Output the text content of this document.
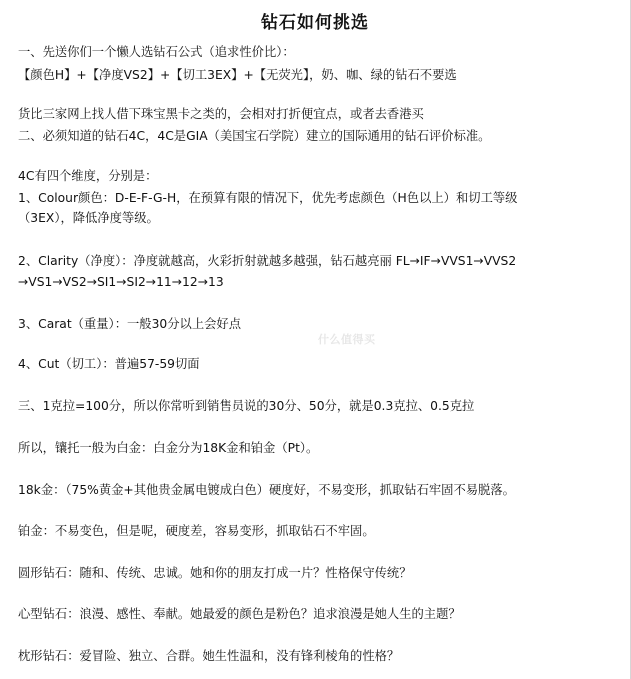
钻石如何挑选
一、先送你们一个懒人选钻石公式（追求性价比）：
【颜色H】+【净度VS2】+【切工3EX】+【无荧光】，奶、咖、绿的钻石不要选
货比三家网上找人借下珠宝黑卡之类的，会相对打折便宜点，或者去香港买
二、必须知道的钻石4C，4C是GIA（美国宝石学院）建立的国际通用的钻石评价标准。
4C有四个维度，分别是：
1、Colour颜色：D-E-F-G-H，在预算有限的情况下，优先考虑颜色（H色以上）和切工等级
（3EX），降低净度等级。
2、Clarity（净度）：净度就越高，火彩折射就越多越强，钻石越亮丽 FL→IF→VVS1→VVS2
→VS1→VS2→SI1→SI2→11→12→13
3、Carat（重量）：一般30分以上会好点
4、Cut（切工）：普遍57-59切面
三、1克拉=100分，所以你常听到销售员说的30分、50分，就是0.3克拉、0.5克拉
所以，镶托一般为白金：白金分为18K金和铂金（Pt）。
18k金：（75%黄金+其他贵金属电镀成白色）硬度好，不易变形，抓取钻石牢固不易脱落。
铂金：不易变色，但是呢，硬度差，容易变形，抓取钻石不牢固。
圆形钻石：随和、传统、忠诚。她和你的朋友打成一片？性格保守传统？
心型钻石：浪漫、感性、奉献。她最爱的颜色是粉色？追求浪漫是她人生的主题？
枕形钻石：爱冒险、独立、合群。她生性温和，没有锋利棱角的性格？
什么值得买
